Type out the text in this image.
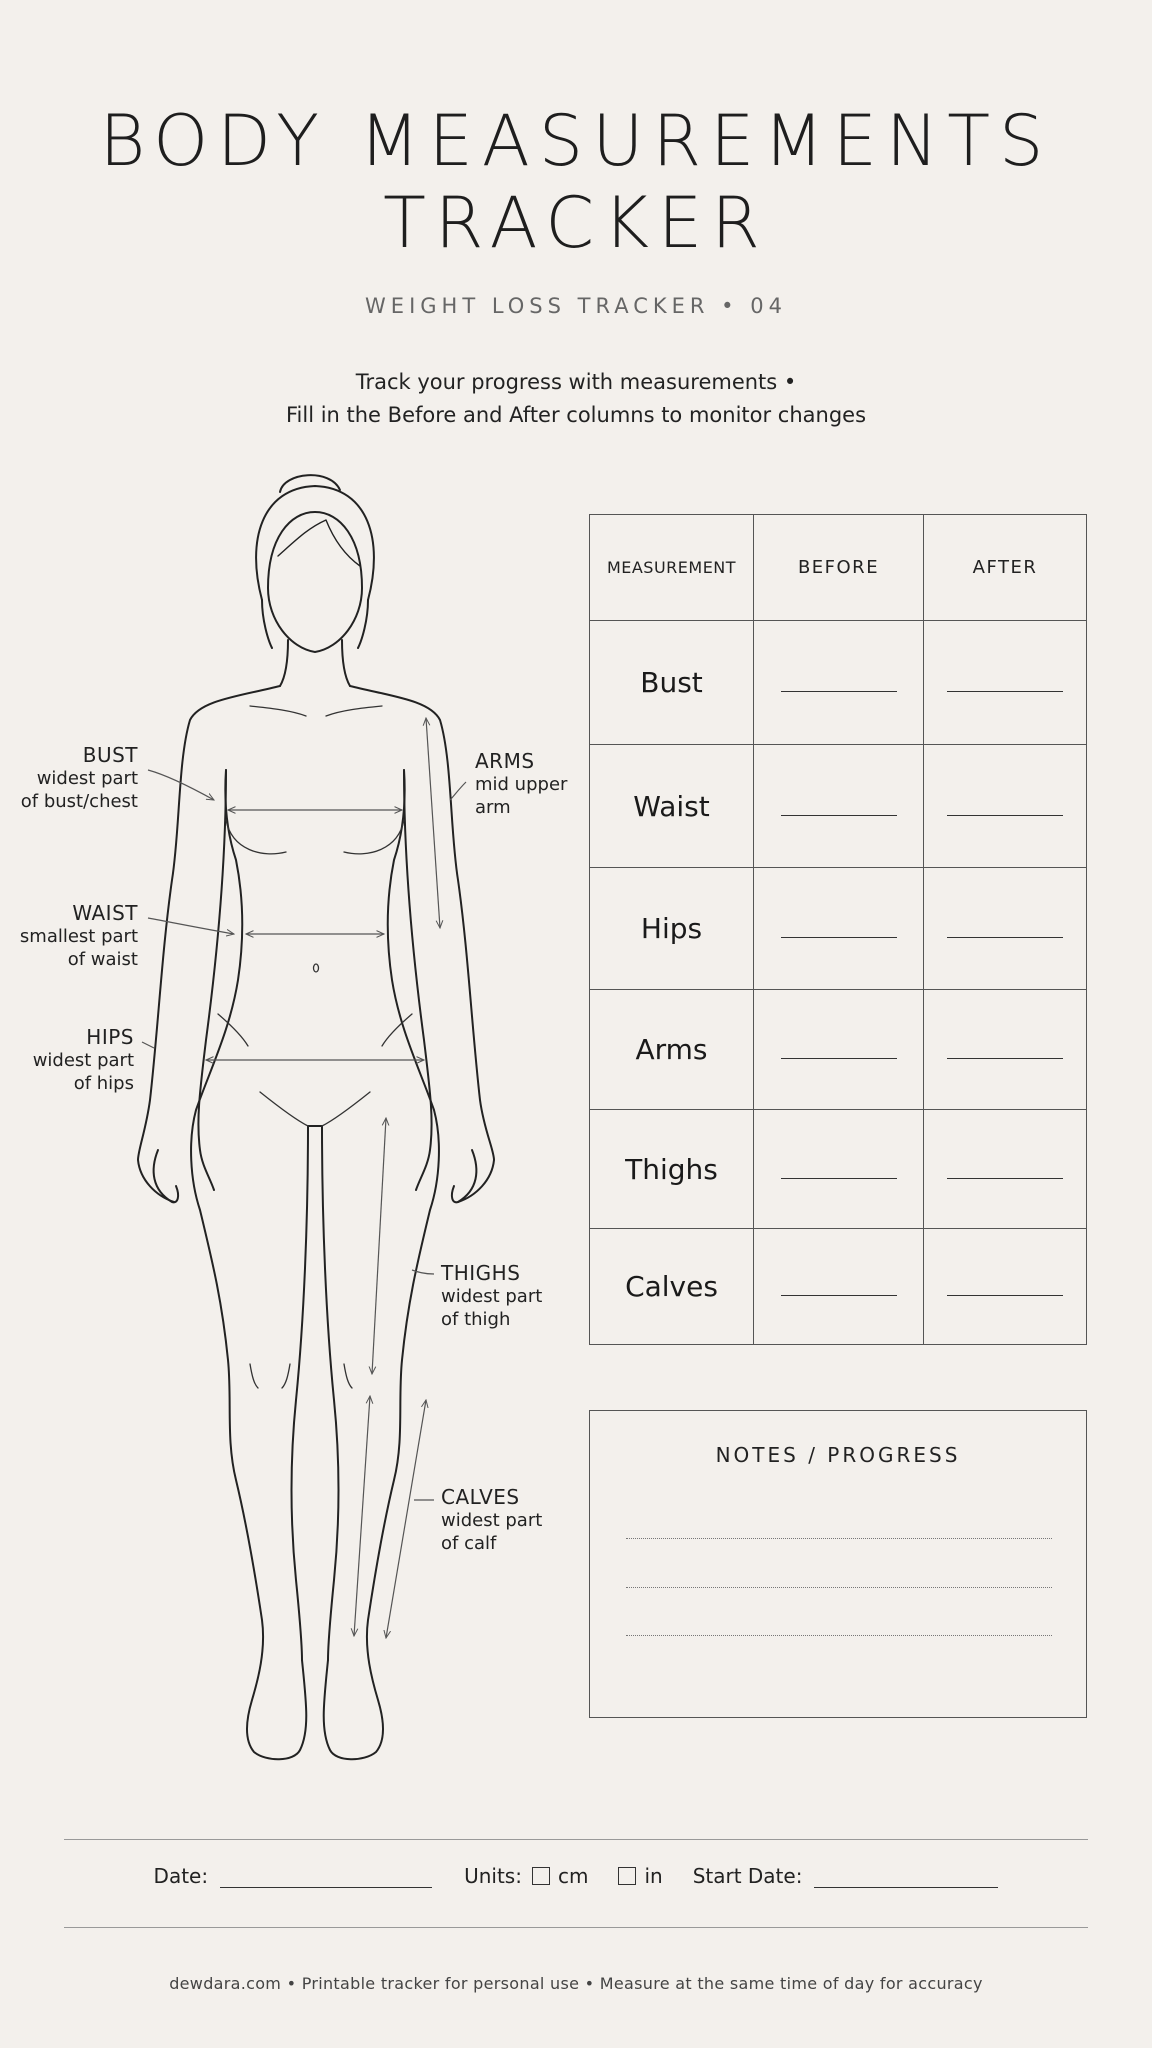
BODY MEASUREMENTS
TRACKER
WEIGHT LOSS TRACKER • 04
Track your progress with measurements •
Fill in the Before and After columns to monitor changes
BUST
widest part
of bust/chest
WAIST
smallest part
of waist
HIPS
widest part
of hips
ARMS
mid upper
arm
THIGHS
widest part
of thigh
CALVES
widest part
of calf
MEASUREMENT	BEFORE	AFTER
Bust
Waist
Hips
Arms
Thighs
Calves
NOTES / PROGRESS
Date:	Units: cm	in Start Date:
dewdara.com • Printable tracker for personal use • Measure at the same time of day for accuracy
